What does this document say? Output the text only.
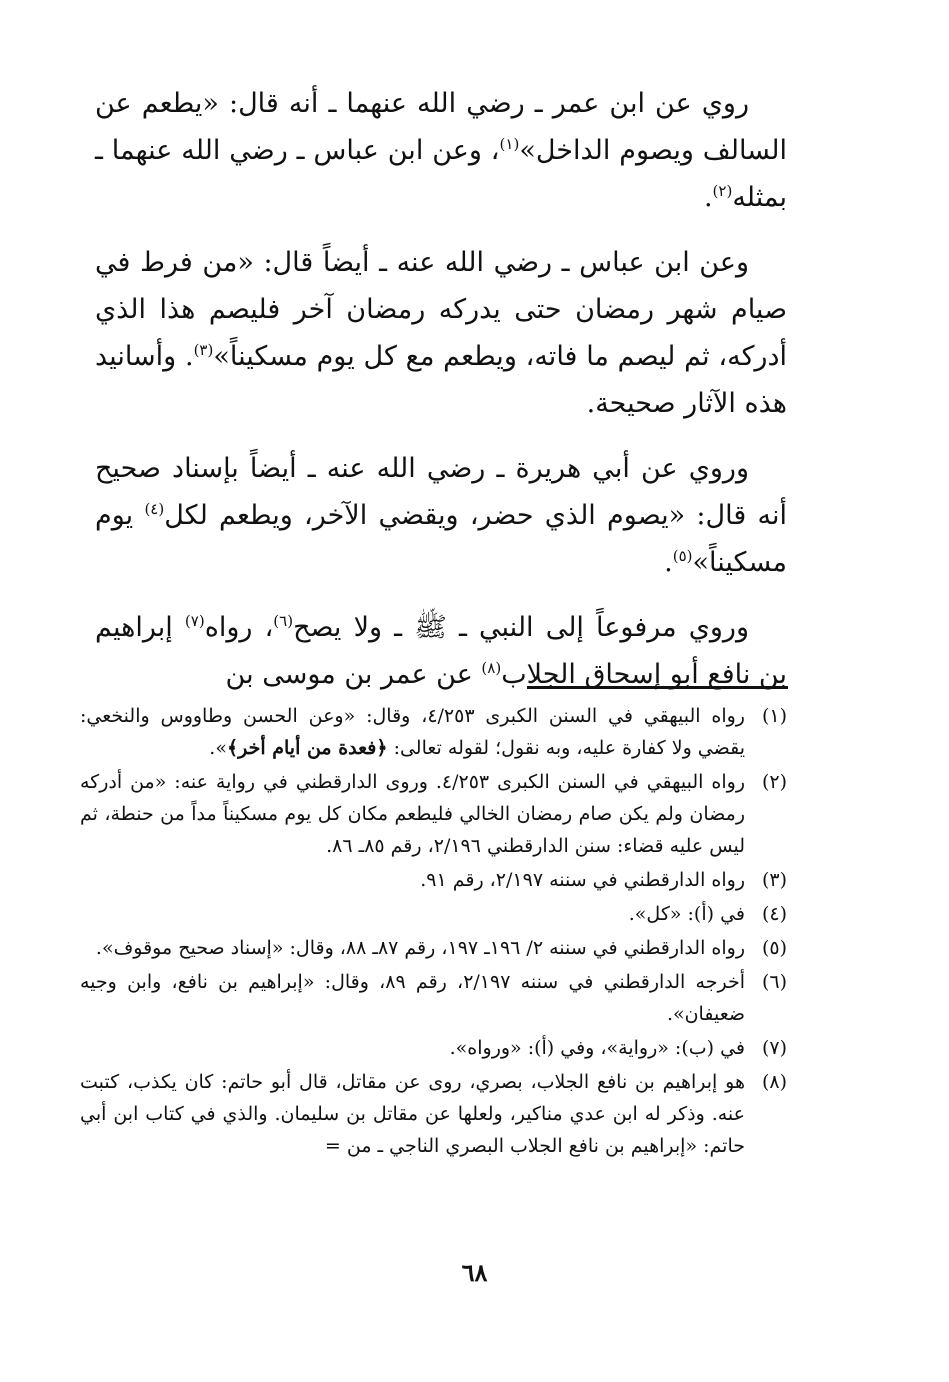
روي عن ابن عمر ـ رضي الله عنهما ـ أنه قال: «يطعم عن السالف ويصوم الداخل»$^{(١)}$، وعن ابن عباس ـ رضي الله عنهما ـ بمثله$^{(٢)}$.

وعن ابن عباس ـ رضي الله عنه ـ أيضاً قال: «من فرط في صيام شهر رمضان حتى يدركه رمضان آخر فليصم هذا الذي أدركه، ثم ليصم ما فاته، ويطعم مع كل يوم مسكيناً»$^{(٣)}$. وأسانيد هذه الآثار صحيحة.

وروي عن أبي هريرة ـ رضي الله عنه ـ أيضاً بإسناد صحيح أنه قال: «يصوم الذي حضر، ويقضي الآخر، ويطعم لكل$^{(٤)}$ يوم مسكيناً»$^{(٥)}$.

وروي مرفوعاً إلى النبي ـ ﷺ ـ ولا يصح$^{(٦)}$، رواه$^{(٧)}$ إبراهيم بن نافع أبو إسحاق الجلاب$^{(٨)}$ عن عمر بن موسى بن

(١)
رواه البيهقي في السنن الكبرى ٤/٢٥٣، وقال: «وعن الحسن وطاووس والنخعي: يقضي ولا كفارة عليه، وبه نقول؛ لقوله تعالى: ﴿فعدة من أيام أخر﴾».
(٢)
رواه البيهقي في السنن الكبرى ٤/٢٥٣. وروى الدارقطني في رواية عنه: «من أدركه رمضان ولم يكن صام رمضان الخالي فليطعم مكان كل يوم مسكيناً مداً من حنطة، ثم ليس عليه قضاء: سنن الدارقطني ٢/١٩٦، رقم ٨٥ـ ٨٦.
(٣)
رواه الدارقطني في سننه ٢/١٩٧، رقم ٩١.
(٤)
في (أ): «كل».
(٥)
رواه الدارقطني في سننه ٢/ ١٩٦ـ ١٩٧، رقم ٨٧ـ ٨٨، وقال: «إسناد صحيح موقوف».
(٦)
أخرجه الدارقطني في سننه ٢/١٩٧، رقم ٨٩، وقال: «إبراهيم بن نافع، وابن وجيه ضعيفان».
(٧)
في (ب): «رواية»، وفي (أ): «ورواه».
(٨)
هو إبراهيم بن نافع الجلاب، بصري، روى عن مقاتل، قال أبو حاتم: كان يكذب، كتبت عنه. وذكر له ابن عدي مناكير، ولعلها عن مقاتل بن سليمان. والذي في كتاب ابن أبي حاتم: «إبراهيم بن نافع الجلاب البصري الناجي ـ من =
٦٨
